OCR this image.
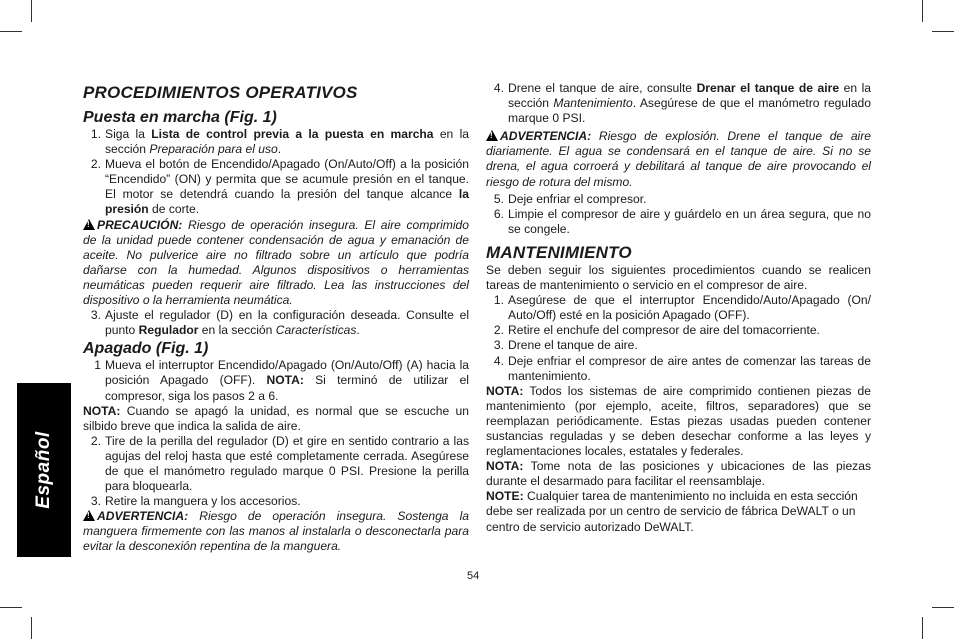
Español
PROCEDIMIENTOS OPERATIVOS
Puesta en marcha (Fig. 1)
1. Siga la Lista de control previa a la puesta en marcha en la sección Preparación para el uso.
2. Mueva el botón de Encendido/Apagado (On/Auto/Off) a la posición “Encendido” (ON) y permita que se acumule presión en el tanque. El motor se detendrá cuando la presión del tanque alcance la presión de corte.

!PRECAUCIÓN: Riesgo de operación insegura. El aire comprimido de la unidad puede contener condensación de agua y emanación de aceite. No pulverice aire no filtrado sobre un artículo que podría dañarse con la humedad. Algunos dispositivos o herramientas neumáticas pueden requerir aire filtrado. Lea las instrucciones del dispositivo o la herramienta neumática.

3. Ajuste el regulador (D) en la configuración deseada. Consulte el punto Regulador en la sección Características.
Apagado (Fig. 1)
1 Mueva el interruptor Encendido/Apagado (On/Auto/Off) (A) hacia la posición Apagado (OFF). NOTA: Si terminó de utilizar el compresor, siga los pasos 2 a 6.

NOTA: Cuando se apagó la unidad, es normal que se escuche un silbido breve que indica la salida de aire.

2. Tire de la perilla del regulador (D) et gire en sentido contrario a las agujas del reloj hasta que esté completamente cerrada. Asegúrese de que el manómetro regulado marque 0 PSI. Presione la perilla para bloquearla.
3. Retire la manguera y los accesorios.

!ADVERTENCIA: Riesgo de operación insegura. Sostenga la manguera firmemente con las manos al instalarla o desconectarla para evitar la desconexión repentina de la manguera.

4. Drene el tanque de aire, consulte Drenar el tanque de aire en la sección Mantenimiento. Asegúrese de que el manómetro regulado marque 0 PSI.

!ADVERTENCIA: Riesgo de explosión. Drene el tanque de aire diariamente. El agua se condensará en el tanque de aire. Si no se drena, el agua corroerá y debilitará al tanque de aire provocando el riesgo de rotura del mismo.

5. Deje enfriar el compresor.
6. Limpie el compresor de aire y guárdelo en un área segura, que no se congele.
MANTENIMIENTO

Se deben seguir los siguientes procedimientos cuando se realicen tareas de mantenimiento o servicio en el compresor de aire.

1. Asegúrese de que el interruptor Encendido/Auto/Apagado (On/ Auto/Off) esté en la posición Apagado (OFF).
2. Retire el enchufe del compresor de aire del tomacorriente.
3. Drene el tanque de aire.
4. Deje enfriar el compresor de aire antes de comenzar las tareas de mantenimiento.

NOTA: Todos los sistemas de aire comprimido contienen piezas de mantenimiento (por ejemplo, aceite, filtros, separadores) que se reemplazan periódicamente. Estas piezas usadas pueden contener sustancias reguladas y se deben desechar conforme a las leyes y reglamentaciones locales, estatales y federales.

NOTA: Tome nota de las posiciones y ubicaciones de las piezas durante el desarmado para facilitar el reensamblaje.

NOTE: Cualquier tarea de mantenimiento no incluida en esta sección debe ser realizada por un centro de servicio de fábrica DeWALT o un centro de servicio autorizado DeWALT.

54
